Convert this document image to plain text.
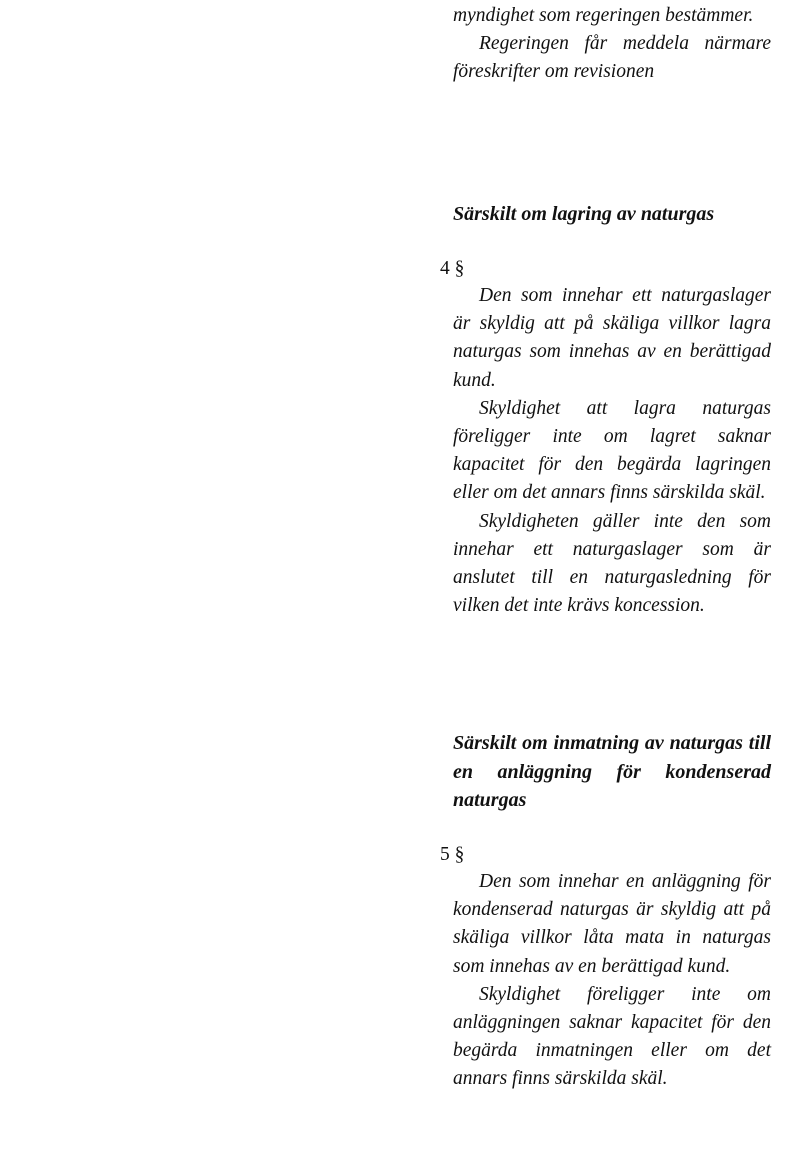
myndighet som regeringen bestämmer.

Regeringen får meddela närmare föreskrifter om revisionen

Särskilt om lagring av naturgas
4 §

Den som innehar ett naturgaslager är skyldig att på skäliga villkor lagra naturgas som innehas av en berättigad kund.

Skyldighet att lagra naturgas föreligger inte om lagret saknar kapacitet för den begärda lagringen eller om det annars finns särskilda skäl.

Skyldigheten gäller inte den som innehar ett naturgaslager som är anslutet till en naturgasledning för vilken det inte krävs koncession.

Särskilt om inmatning av naturgas till en anläggning för kondenserad naturgas
5 §

Den som innehar en anläggning för kondenserad naturgas är skyldig att på skäliga villkor låta mata in naturgas som innehas av en berättigad kund.

Skyldighet föreligger inte om anläggningen saknar kapacitet för den begärda inmatningen eller om det annars finns särskilda skäl.
